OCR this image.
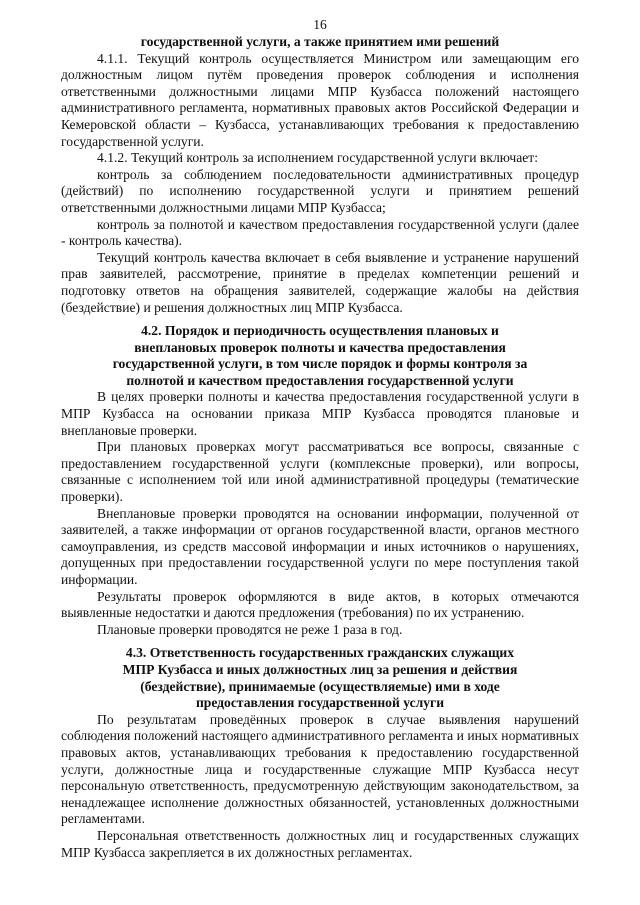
16
государственной услуги, а также принятием ими решений

4.1.1. Текущий контроль осуществляется Министром или замещающим его должностным лицом путём проведения проверок соблюдения и исполнения ответственными должностными лицами МПР Кузбасса положений настоящего административного регламента, нормативных правовых актов Российской Федерации и Кемеровской области – Кузбасса, устанавливающих требования к предоставлению государственной услуги.

4.1.2. Текущий контроль за исполнением государственной услуги включает:

контроль за соблюдением последовательности административных процедур (действий) по исполнению государственной услуги и принятием решений ответственными должностными лицами МПР Кузбасса;

контроль за полнотой и качеством предоставления государственной услуги (далее - контроль качества).

Текущий контроль качества включает в себя выявление и устранение нарушений прав заявителей, рассмотрение, принятие в пределах компетенции решений и подготовку ответов на обращения заявителей, содержащие жалобы на действия (бездействие) и решения должностных лиц МПР Кузбасса.

4.2. Порядок и периодичность осуществления плановых и
внеплановых проверок полноты и качества предоставления
государственной услуги, в том числе порядок и формы контроля за
полнотой и качеством предоставления государственной услуги

В целях проверки полноты и качества предоставления государственной услуги в МПР Кузбасса на основании приказа МПР Кузбасса проводятся плановые и внеплановые проверки.

При плановых проверках могут рассматриваться все вопросы, связанные с предоставлением государственной услуги (комплексные проверки), или вопросы, связанные с исполнением той или иной административной процедуры (тематические проверки).

Внеплановые проверки проводятся на основании информации, полученной от заявителей, а также информации от органов государственной власти, органов местного самоуправления, из средств массовой информации и иных источников о нарушениях, допущенных при предоставлении государственной услуги по мере поступления такой информации.

Результаты проверок оформляются в виде актов, в которых отмечаются выявленные недостатки и даются предложения (требования) по их устранению.

Плановые проверки проводятся не реже 1 раза в год.

4.3. Ответственность государственных гражданских служащих
МПР Кузбасса и иных должностных лиц за решения и действия
(бездействие), принимаемые (осуществляемые) ими в ходе
предоставления государственной услуги

По результатам проведённых проверок в случае выявления нарушений соблюдения положений настоящего административного регламента и иных нормативных правовых актов, устанавливающих требования к предоставлению государственной услуги, должностные лица и государственные служащие МПР Кузбасса несут персональную ответственность, предусмотренную действующим законодательством, за ненадлежащее исполнение должностных обязанностей, установленных должностными регламентами.

Персональная ответственность должностных лиц и государственных служащих МПР Кузбасса закрепляется в их должностных регламентах.
